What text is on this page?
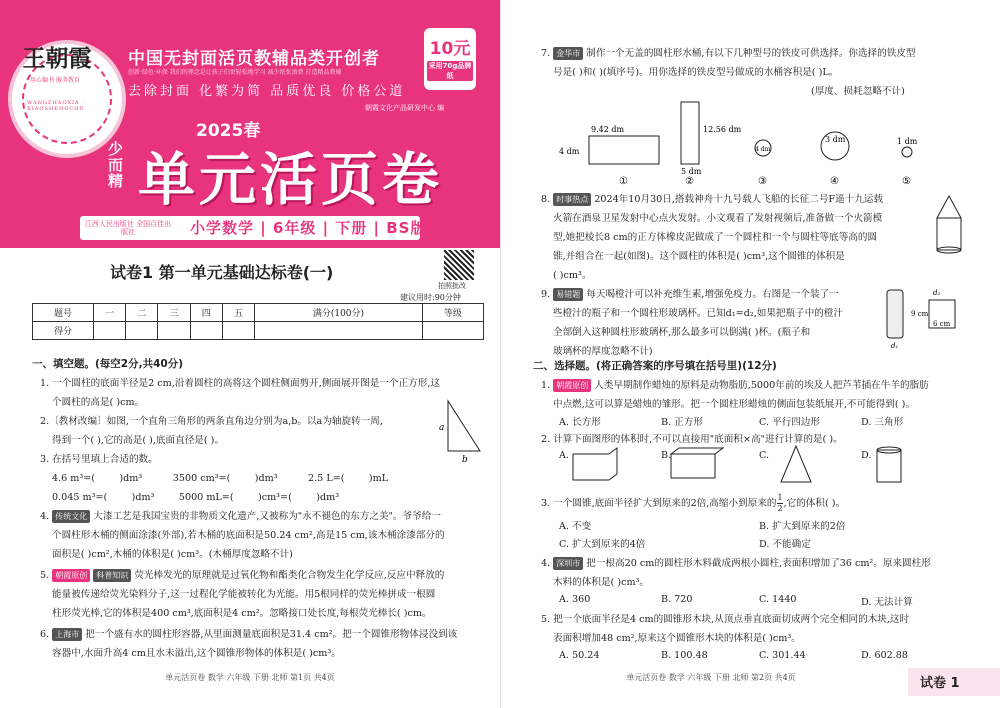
王朝霞
用心编书 服务教育
WANGZHAOXIA · XIAOSHENGCHU
中国无封面活页教辅品类开创者
创新·绿色·环保 我们的理念是让孩子们更轻松地学习 减少纸张浪费 打造精品教辅
去除封面 化繁为简 品质优良 价格公道
10元
采用70g品牌纸
朝霞文化产品研发中心 编
2025春
少而精 单元活页卷
江西人民出版社 全国百佳出版社	小学数学 | 6年级 | 下册 | BS版
试卷1 第一单元基础达标卷(一)
拍照批改
建议用时:90分钟
题号	一	二	三	四	五	满分(100分)	等级
得分							
一、填空题。(每空2分,共40分)
1. 一个圆柱的底面半径是2 cm,沿着圆柱的高将这个圆柱侧面剪开,侧面展开图是一个正方形,这
个圆柱的高是( )cm。
2.〔教材改编〕如图,一个直角三角形的两条直角边分别为a,b。以a为轴旋转一周,
得到一个( ),它的高是( ),底面直径是( )。
a
b
3. 在括号里填上合适的数。
4.6 m³=(        )dm³          3500 cm³=(        )dm³          2.5 L=(        )mL
0.045 m³=(        )dm³        5000 mL=(        )cm³=(        )dm³
4. 传统文化 大漆工艺是我国宝贵的非物质文化遗产,又被称为"永不褪色的东方之美"。爷爷给一
个圆柱形木桶的侧面涂漆(外部),若木桶的底面积是50.24 cm²,高是15 cm,该木桶涂漆部分的
面积是( )cm²,木桶的体积是( )cm³。(木桶厚度忽略不计)
5. 朝霞原创 科普知识 荧光棒发光的原理就是过氧化物和酯类化合物发生化学反应,反应中释放的
能量被传递给荧光染料分子,这一过程化学能被转化为光能。用5根同样的荧光棒拼成一根圆
柱形荧光棒,它的体积是400 cm³,底面积是4 cm²。忽略接口处长度,每根荧光棒长( )cm。
6. 上海市 把一个盛有水的圆柱形容器,从里面测量底面积是31.4 cm²。把一个圆锥形物体浸没到该
容器中,水面升高4 cm且水未溢出,这个圆锥形物体的体积是( )cm³。
单元活页卷 数学 六年级 下册 北师 第1页 共4页
7. 金华市 制作一个无盖的圆柱形水桶,有以下几种型号的铁皮可供选择。你选择的铁皮型
号是( )和( )(填序号)。用你选择的铁皮型号做成的水桶容积是( )L。
(厚度、损耗忽略不计)
9.42 dm
4 dm
12.56 dm
5 dm
4 dm
3 dm	1 dm
①	②	③	④	⑤
8. 时事热点 2024年10月30日,搭载神舟十九号载人飞船的长征二号F遥十九运载
火箭在酒泉卫星发射中心点火发射。小文观看了发射视频后,准备做一个火箭模
型,她把棱长8 cm的正方体橡皮泥做成了一个圆柱和一个与圆柱等底等高的圆
锥,并组合在一起(如图)。这个圆柱的体积是( )cm³,这个圆锥的体积是
( )cm³。
9. 易错题 每天喝橙汁可以补充维生素,增强免疫力。右图是一个装了一
些橙汁的瓶子和一个圆柱形玻璃杯。已知d₁=d₂,如果把瓶子中的橙汁
全部倒入这种圆柱形玻璃杯,那么最多可以倒满( )杯。(瓶子和
玻璃杯的厚度忽略不计)
d₂
9 cm
6 cm
d₁
二、选择题。(将正确答案的序号填在括号里)(12分)
1. 朝霞原创 人类早期制作蜡烛的原料是动物脂肪,5000年前的埃及人把芦苇插在牛羊的脂肪
中点燃,这可以算是蜡烛的雏形。把一个圆柱形蜡烛的侧面包装纸展开,不可能得到( )。
A. 长方形	B. 正方形	C. 平行四边形	D. 三角形
2. 计算下面图形的体积时,不可以直接用"底面积×高"进行计算的是( )。
A.	B.	C.	D.
3. 一个圆锥,底面半径扩大到原来的2倍,高缩小到原来的 $\frac{1}{2}$ ,它的体积( )。
A. 不变	B. 扩大到原来的2倍
C. 扩大到原来的4倍	D. 不能确定
4. 深圳市 把一根高20 cm的圆柱形木料截成两根小圆柱,表面积增加了36 cm²。原来圆柱形
木料的体积是( )cm³。
A. 360	B. 720	C. 1440	D. 无法计算
5. 把一个底面半径是4 cm的圆锥形木块,从顶点垂直底面切成两个完全相同的木块,这时
表面积增加48 cm²,原来这个圆锥形木块的体积是( )cm³。
A. 50.24	B. 100.48	C. 301.44	D. 602.88
单元活页卷 数学 六年级 下册 北师 第2页 共4页	试卷 1
